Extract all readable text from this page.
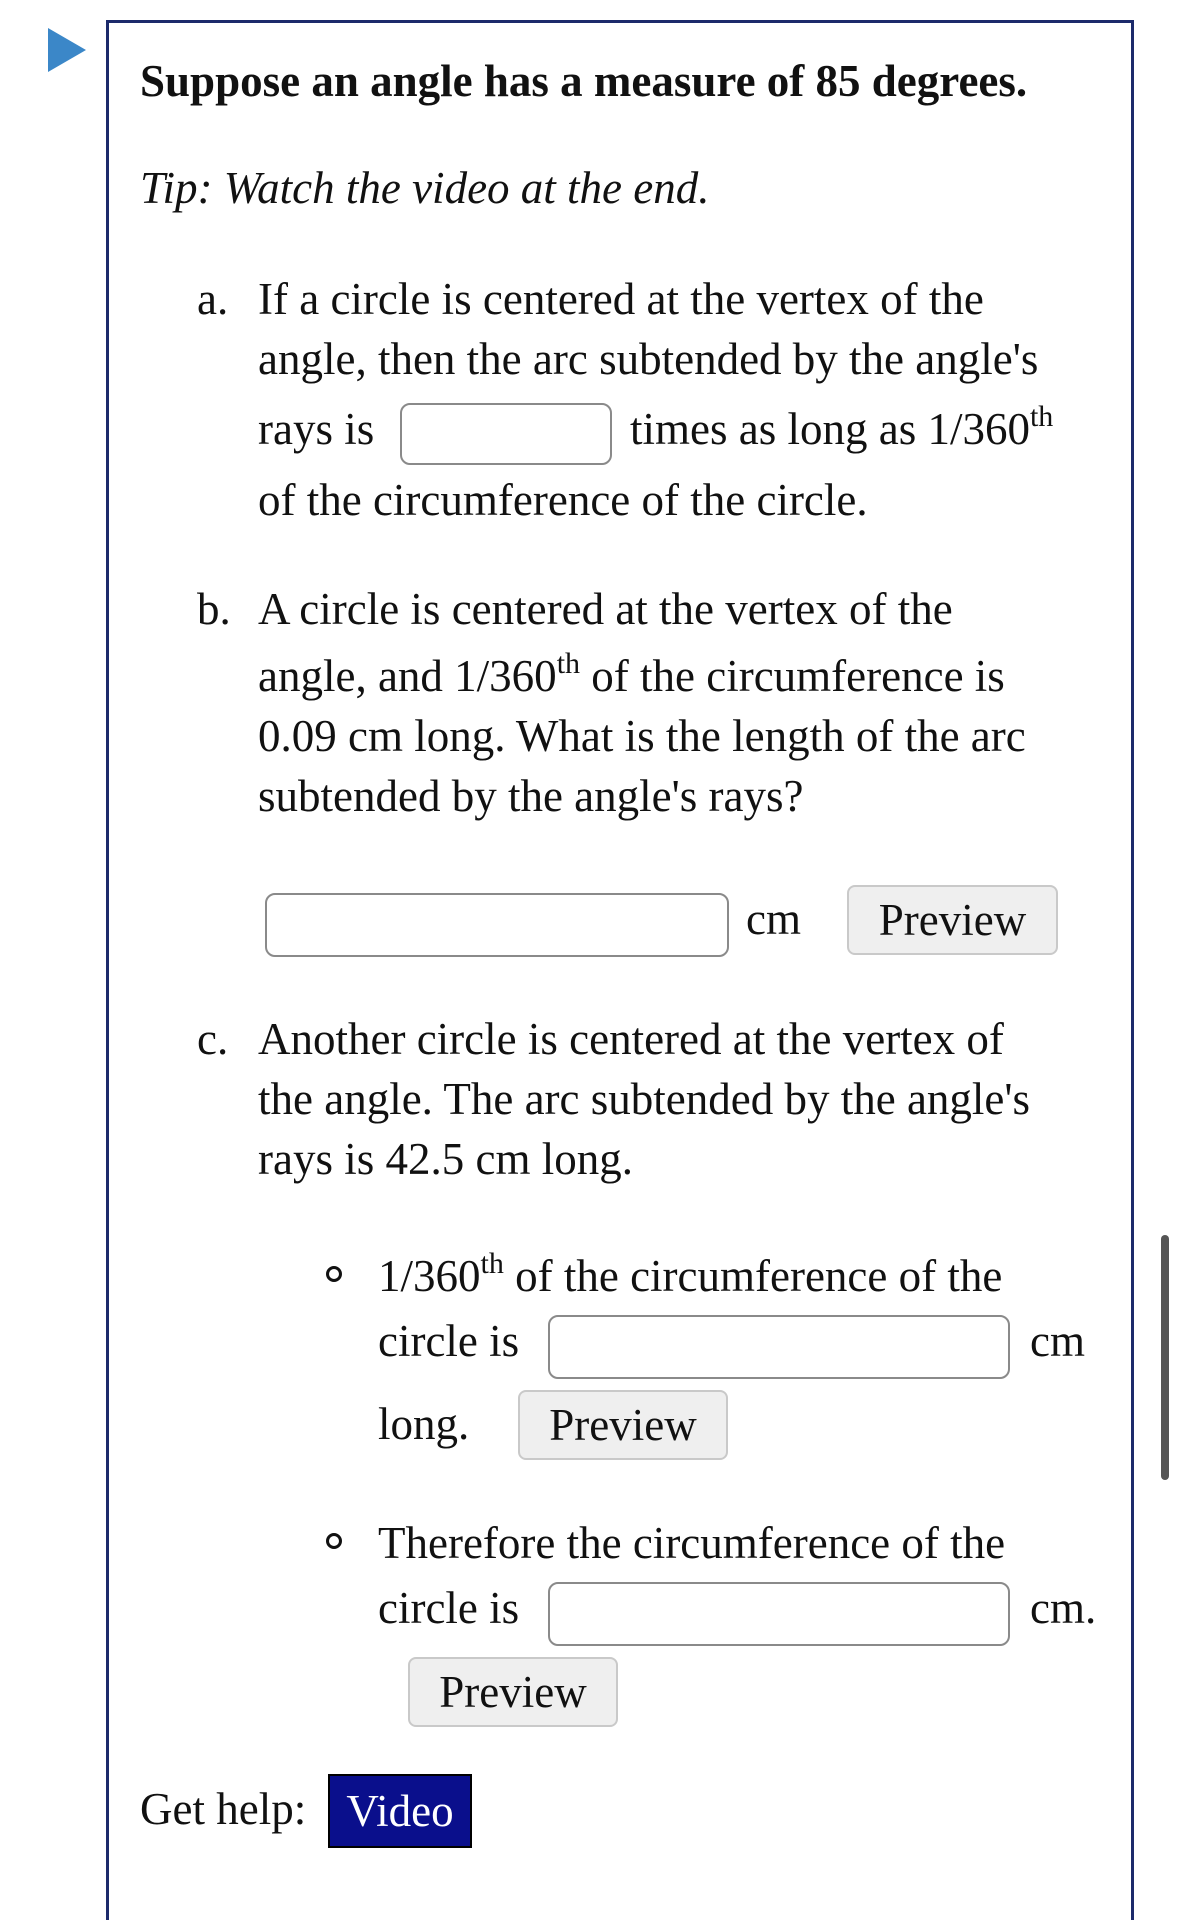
Suppose an angle has a measure of 85 degrees.
Tip: Watch the video at the end.
a. If a circle is centered at the vertex of the
angle, then the arc subtended by the angle's
rays is	times as long as 1/360th
of the circumference of the circle.
b. A circle is centered at the vertex of the
angle, and 1/360th of the circumference is
0.09 cm long. What is the length of the arc
subtended by the angle's rays?
cm	Preview
c. Another circle is centered at the vertex of
the angle. The arc subtended by the angle's
rays is 42.5 cm long.
1/360th of the circumference of the
circle is	cm
long.	Preview
Therefore the circumference of the
circle is	cm.
Preview
Get help: Video
